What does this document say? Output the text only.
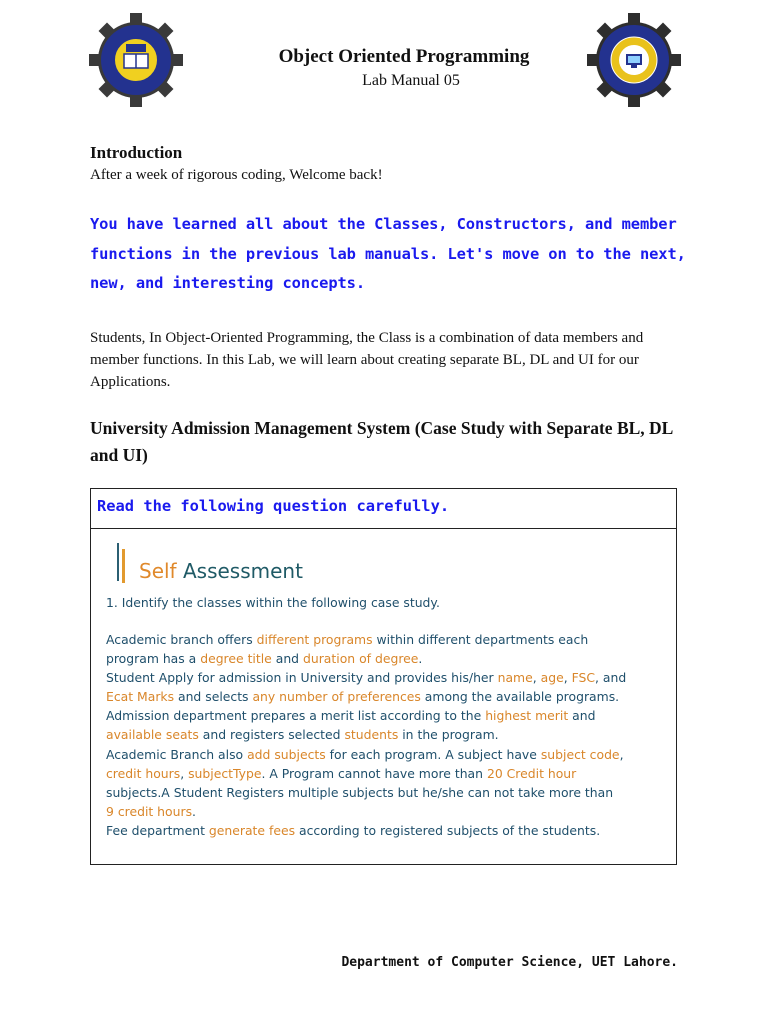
Object Oriented Programming
Lab Manual 05
Introduction
After a week of rigorous coding, Welcome back!
You have learned all about the Classes, Constructors, and member
functions in the previous lab manuals. Let's move on to the next,
new, and interesting concepts.
Students, In Object-Oriented Programming, the Class is a combination of data members and member functions. In this Lab, we will learn about creating separate BL, DL and UI for our Applications.
University Admission Management System (Case Study with Separate BL, DL and UI)
Read the following question carefully.
Self Assessment
1. Identify the classes within the following case study.
Academic branch offers different programs within different departments each
program has a degree title and duration of degree.
Student Apply for admission in University and provides his/her name, age, FSC, and
Ecat Marks and selects any number of preferences among the available programs.
Admission department prepares a merit list according to the highest merit and
available seats and registers selected students in the program.
Academic Branch also add subjects for each program. A subject have subject code,
credit hours, subjectType. A Program cannot have more than 20 Credit hour
subjects.A Student Registers multiple subjects but he/she can not take more than
9 credit hours.
Fee department generate fees according to registered subjects of the students.
Department of Computer Science, UET Lahore.
